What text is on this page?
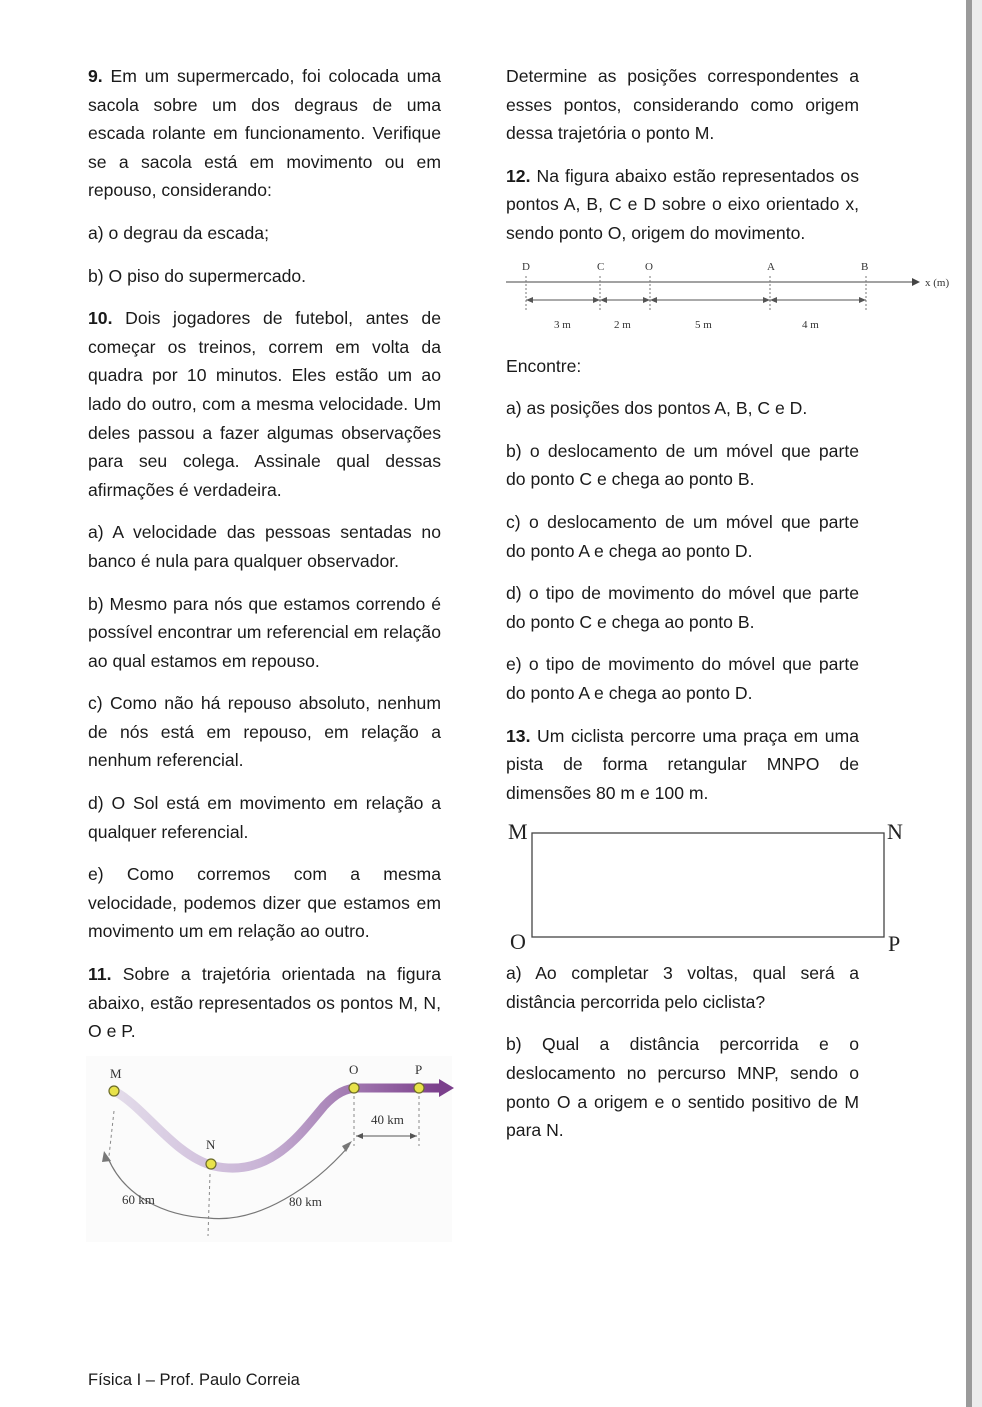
9. Em um supermercado, foi colocada uma sacola sobre um dos degraus de uma escada rolante em funcionamento. Verifique se a sacola está em movimento ou em repouso, considerando:

a) o degrau da escada;

b) O piso do supermercado.

10. Dois jogadores de futebol, antes de começar os treinos, correm em volta da quadra por 10 minutos. Eles estão um ao lado do outro, com a mesma velocidade. Um deles passou a fazer algumas observações para seu colega. Assinale qual dessas afirmações é verdadeira.

a) A velocidade das pessoas sentadas no banco é nula para qualquer observador.

b) Mesmo para nós que estamos correndo é possível encontrar um referencial em relação ao qual estamos em repouso.

c) Como não há repouso absoluto, nenhum de nós está em repouso, em relação a nenhum referencial.

d) O Sol está em movimento em relação a qualquer referencial.

e) Como corremos com a mesma velocidade, podemos dizer que estamos em movimento um em relação ao outro.

11. Sobre a trajetória orientada na figura abaixo, estão representados os pontos M, N, O e P.

M
N
O	P
60 km	80 km
40 km

Determine as posições correspondentes a esses pontos, considerando como origem dessa trajetória o ponto M.

12. Na figura abaixo estão representados os pontos A, B, C e D sobre o eixo orientado x, sendo ponto O, origem do movimento.

D	C	O	A	B
x (m)
3 m	2 m	5 m	4 m

Encontre:

a) as posições dos pontos A, B, C e D.

b) o deslocamento de um móvel que parte do ponto C e chega ao ponto B.

c) o deslocamento de um móvel que parte do ponto A e chega ao ponto D.

d) o tipo de movimento do móvel que parte do ponto C e chega ao ponto B.

e) o tipo de movimento do móvel que parte do ponto A e chega ao ponto D.

13. Um ciclista percorre uma praça em uma pista de forma retangular MNPO de dimensões 80 m e 100 m.

M	N
O	P

a) Ao completar 3 voltas, qual será a distância percorrida pelo ciclista?

b) Qual a distância percorrida e o deslocamento no percurso MNP, sendo o ponto O a origem e o sentido positivo de M para N.

Física I – Prof. Paulo Correia
